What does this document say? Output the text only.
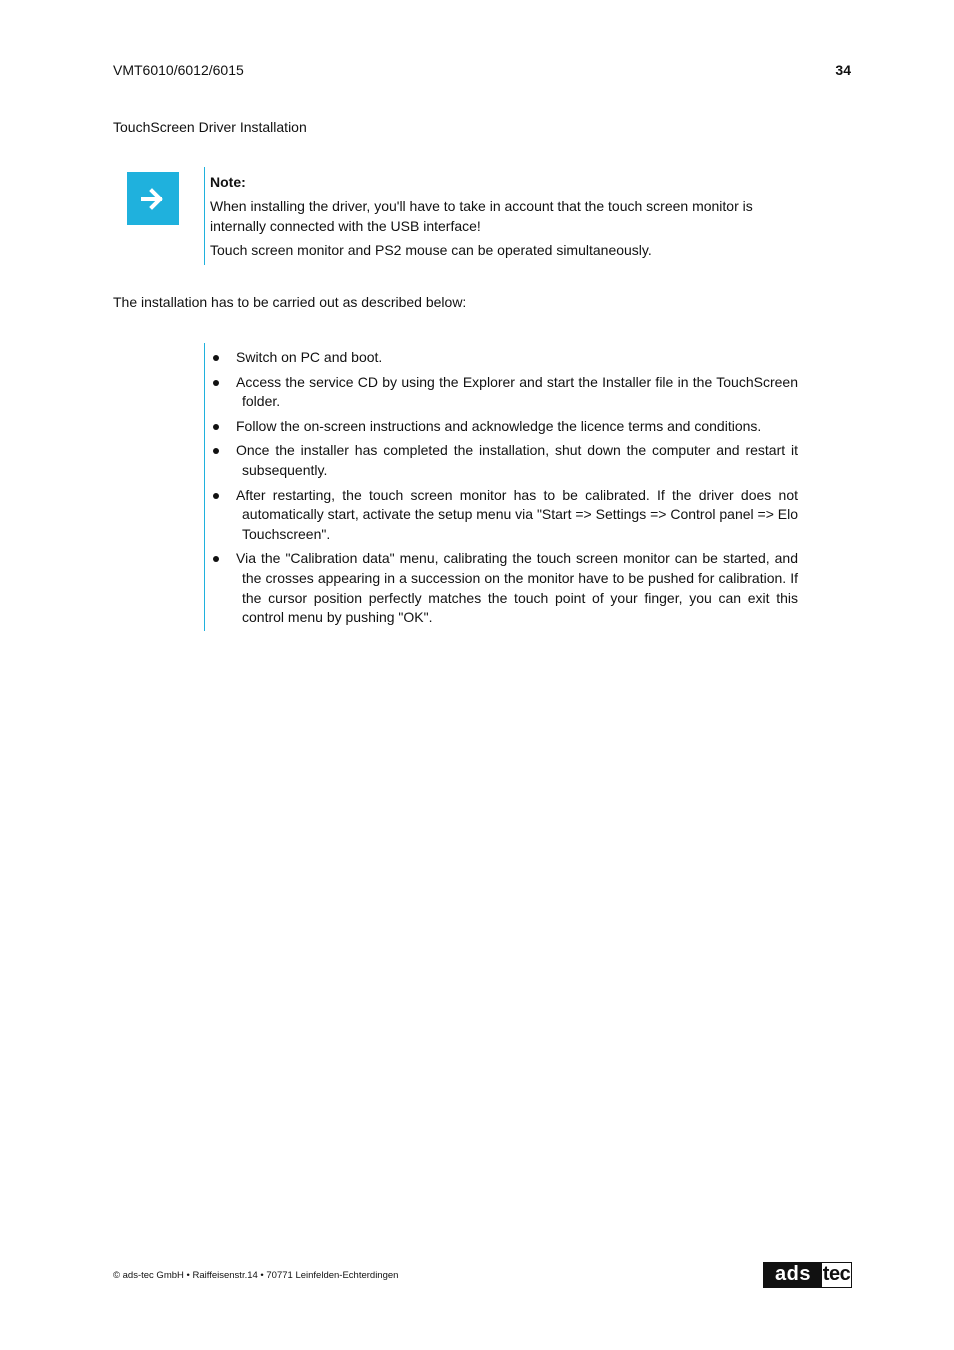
VMT6010/6012/6015	34
TouchScreen Driver Installation

Note:

When installing the driver, you'll have to take in account that the touch screen monitor is internally connected with the USB interface!

Touch screen monitor and PS2 mouse can be operated simultaneously.

The installation has to be carried out as described below:
Switch on PC and boot.
Access the service CD by using the Explorer and start the Installer file in the TouchScreen folder.
Follow the on-screen instructions and acknowledge the licence terms and conditions.
Once the installer has completed the installation, shut down the computer and restart it subsequently.
After restarting, the touch screen monitor has to be calibrated. If the driver does not automatically start, activate the setup menu via "Start => Settings => Control panel => Elo Touchscreen".
Via the "Calibration data" menu, calibrating the touch screen monitor can be started, and the crosses appearing in a succession on the monitor have to be pushed for calibration. If the cursor position perfectly matches the touch point of your finger, you can exit this control menu by pushing "OK".
© ads-tec GmbH • Raiffeisenstr.14 • 70771 Leinfelden-Echterdingen	ads tec
